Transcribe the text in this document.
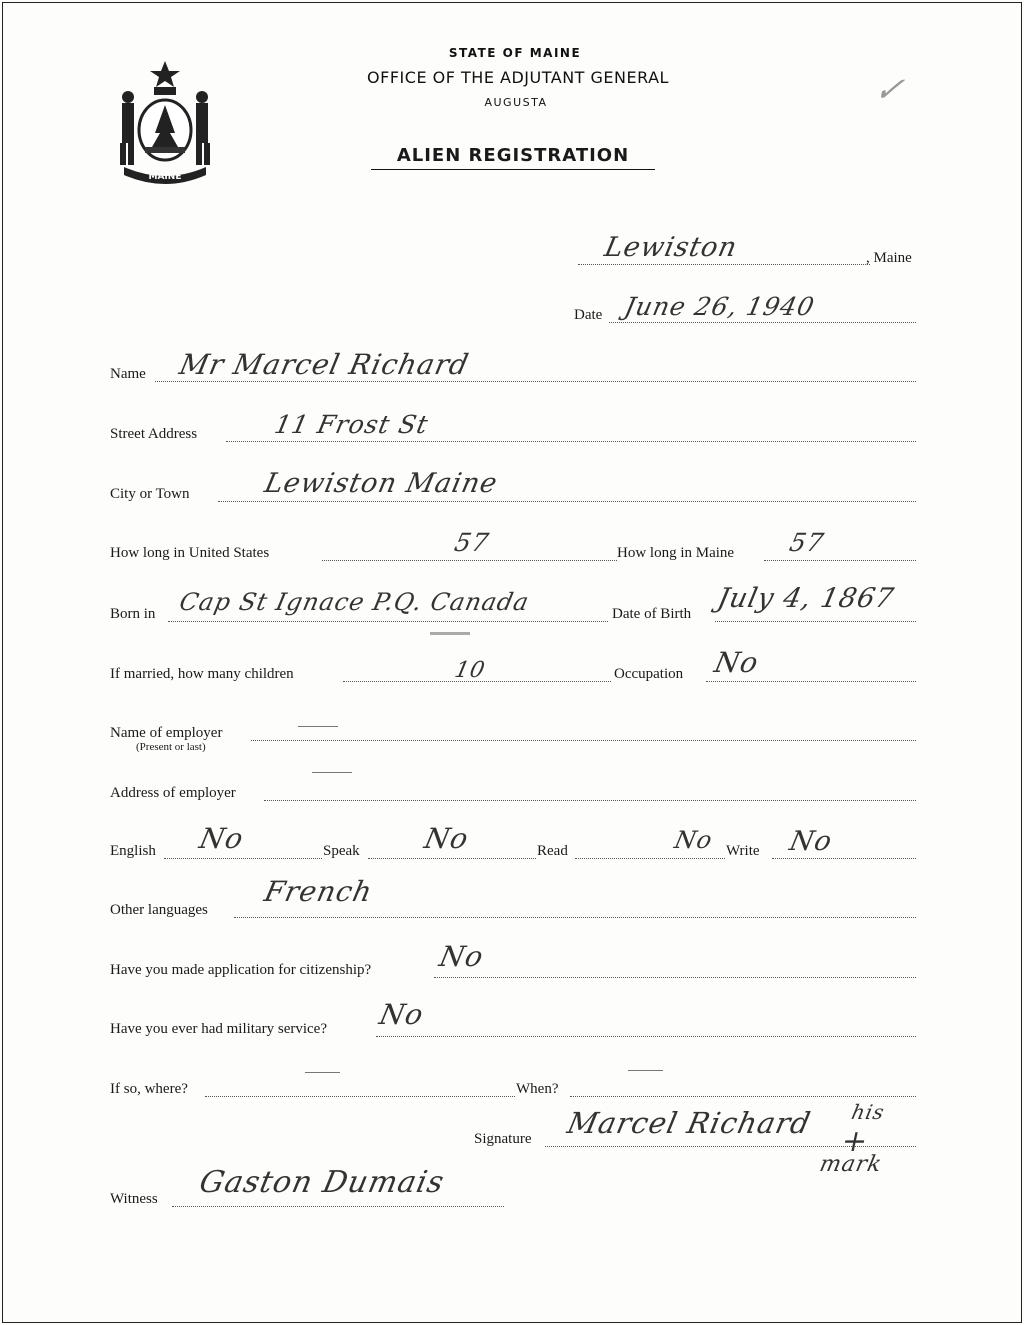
MAINE
STATE OF MAINE
OFFICE OF THE ADJUTANT GENERAL
AUGUSTA
ALIEN REGISTRATION
✓
Lewiston	, Maine
Date June 26, 1940
Name Mr Marcel Richard
Street Address	11 Frost St
City or Town	Lewiston Maine
How long in United States	57	How long in Maine 57
Born in Cap St Ignace P.Q. Canada	Date of Birth July 4, 1867
If married, how many children	10	Occupation No
Name of employer
(Present or last)
Address of employer
English No	Speak No	Read	No Write No
Other languages
French
Have you made application for citizenship? No
Have you ever had military service? No
If so, where?	When?
Signature Marcel Richard his
+
mark
Witness Gaston Dumais
